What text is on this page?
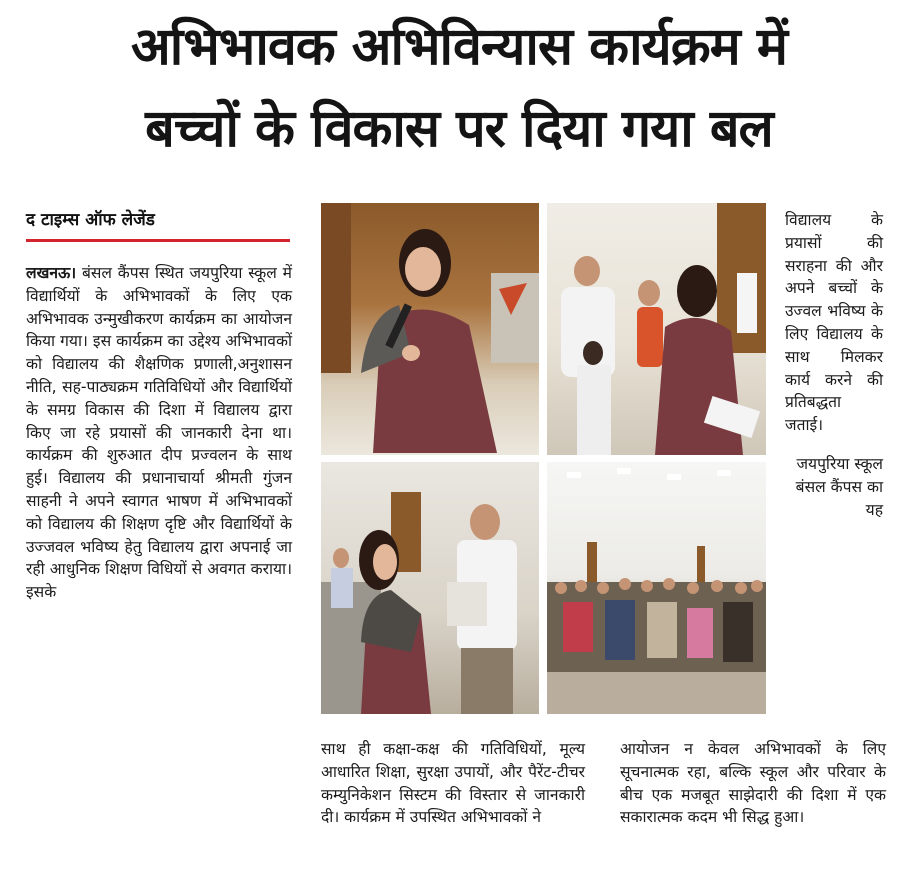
अभिभावक अभिविन्यास कार्यक्रम में
बच्चों के विकास पर दिया गया बल
द टाइम्स ऑफ लेजेंड
लखनऊ। बंसल कैंपस स्थित जयपुरिया स्कूल में विद्यार्थियों के अभिभावकों के लिए एक अभिभावक उन्मुखीकरण कार्यक्रम का आयोजन किया गया। इस कार्यक्रम का उद्देश्य अभिभावकों को विद्यालय की शैक्षणिक प्रणाली,अनुशासन नीति, सह-पाठ्यक्रम गतिविधियों और विद्यार्थियों के समग्र विकास की दिशा में विद्यालय द्वारा किए जा रहे प्रयासों की जानकारी देना था।कार्यक्रम की शुरुआत दीप प्रज्वलन के साथ हुई। विद्यालय की प्रधानाचार्या श्रीमती गुंजन साहनी ने अपने स्वागत भाषण में अभिभावकों को विद्यालय की शिक्षण दृष्टि और विद्यार्थियों के उज्जवल भविष्य हेतु विद्यालय द्वारा अपनाई जा रही आधुनिक शिक्षण विधियों से अवगत कराया। इसके
विद्यालय के प्रयासों की सराहना की और अपने बच्चों के उज्वल भविष्य के लिए विद्यालय के साथ मिलकर कार्य करने की प्रतिबद्धता जताई।
जयपुरिया स्कूल बंसल कैंपस का यह
साथ ही कक्षा-कक्ष की गतिविधियों, मूल्य आधारित शिक्षा, सुरक्षा उपायों, और पैरेंट-टीचर कम्युनिकेशन सिस्टम की विस्तार से जानकारी दी। कार्यक्रम में उपस्थित अभिभावकों ने
आयोजन न केवल अभिभावकों के लिए सूचनात्मक रहा, बल्कि स्कूल और परिवार के बीच एक मजबूत साझेदारी की दिशा में एक सकारात्मक कदम भी सिद्ध हुआ।
